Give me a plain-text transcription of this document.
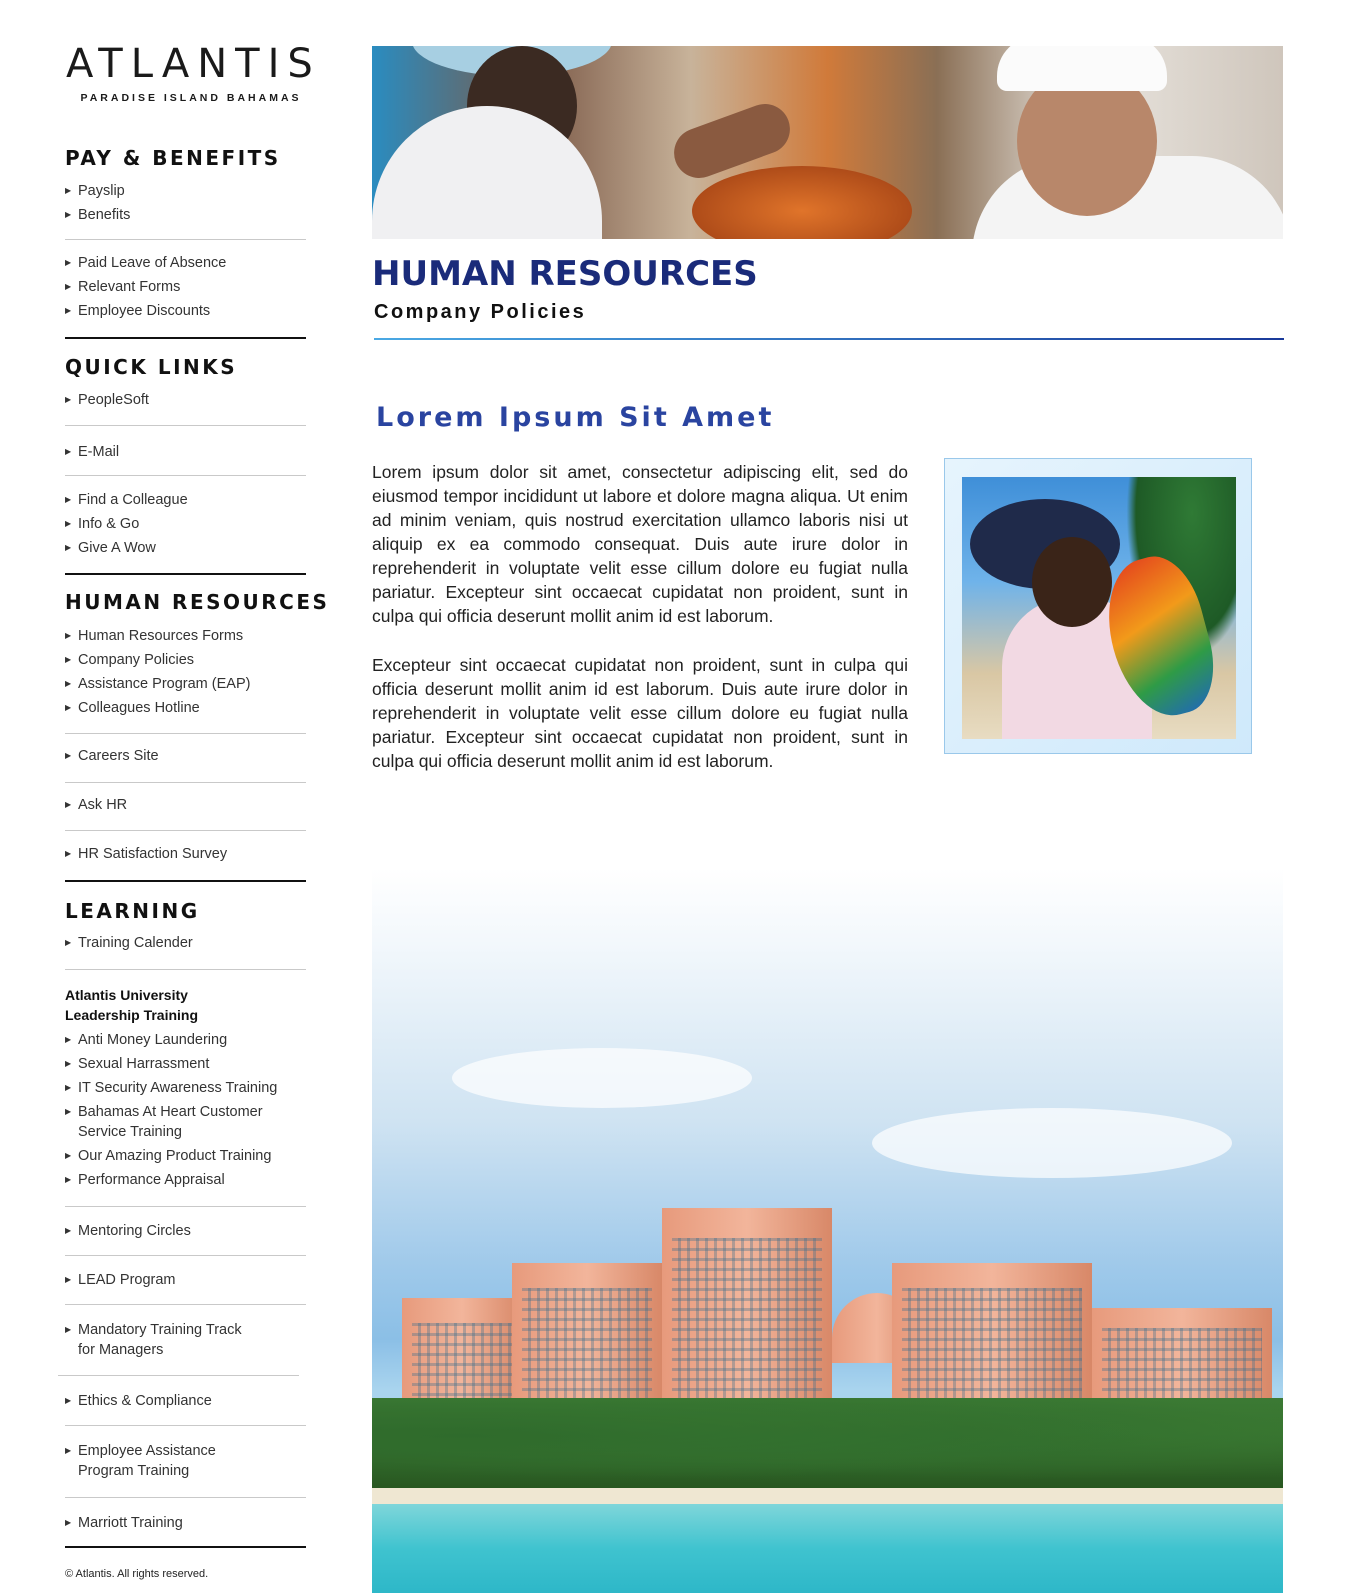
ATLANTIS
PARADISE ISLAND BAHAMAS
PAY & BENEFITS
▶ Payslip
▶ Benefits
▶ Paid Leave of Absence
▶ Relevant Forms
▶ Employee Discounts
QUICK LINKS
▶ PeopleSoft
▶ E-Mail
▶ Find a Colleague
▶ Info & Go
▶ Give A Wow
HUMAN RESOURCES
▶ Human Resources Forms
▶ Company Policies
▶ Assistance Program (EAP)
▶ Colleagues Hotline
▶ Careers Site
▶ Ask HR
▶ HR Satisfaction Survey
LEARNING
▶ Training Calender
Atlantis University
Leadership Training
▶ Anti Money Laundering
▶ Sexual Harrassment
▶ IT Security Awareness Training
▶ Bahamas At Heart Customer Service Training
▶ Our Amazing Product Training
▶ Performance Appraisal
▶ Mentoring Circles
▶ LEAD Program
▶ Mandatory Training Track for Managers
▶ Ethics & Compliance
▶ Employee Assistance Program Training
▶ Marriott Training
© Atlantis. All rights reserved.
HUMAN RESOURCES
Company Policies
Lorem Ipsum Sit Amet
Lorem ipsum dolor sit amet, consectetur adipiscing elit, sed do eiusmod tempor incididunt ut labore et dolore magna aliqua. Ut enim ad minim veniam, quis nostrud exercitation ullamco laboris nisi ut aliquip ex ea commodo consequat. Duis aute irure dolor in reprehenderit in voluptate velit esse cillum dolore eu fugiat nulla pariatur. Excepteur sint occaecat cupidatat non proident, sunt in culpa qui officia deserunt mollit anim id est laborum.
Excepteur sint occaecat cupidatat non proident, sunt in culpa qui officia deserunt mollit anim id est laborum. Duis aute irure dolor in reprehenderit in voluptate velit esse cillum dolore eu fugiat nulla pariatur. Excepteur sint occaecat cupidatat non proident, sunt in culpa qui officia deserunt mollit anim id est laborum.
